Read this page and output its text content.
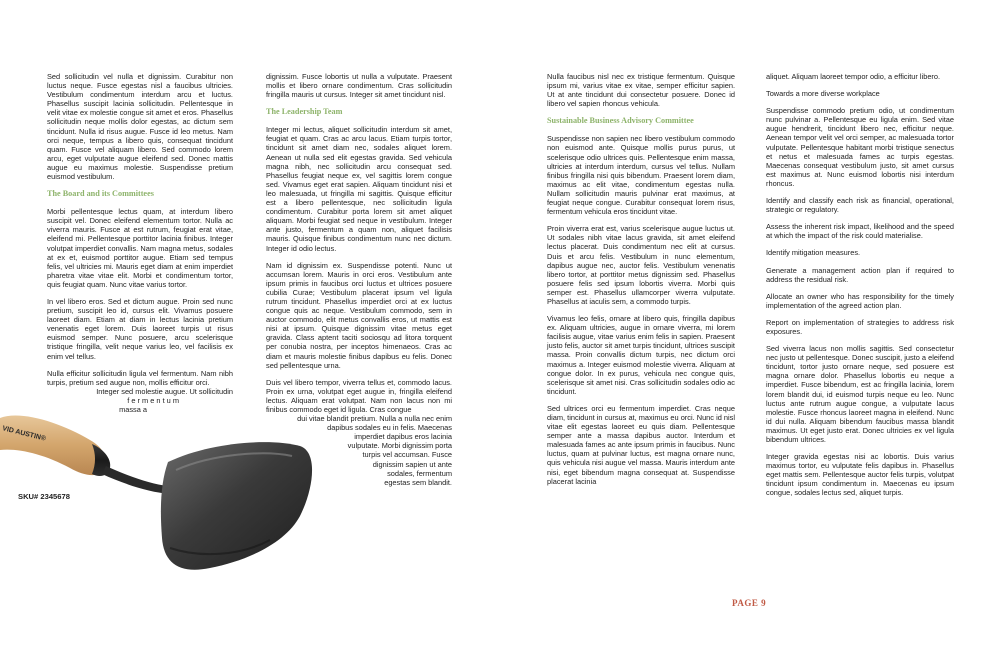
Sed sollicitudin vel nulla et dignissim. Curabitur non luctus neque. Fusce egestas nisl a faucibus ultricies. Vestibulum condimentum interdum arcu et luctus. Phasellus suscipit lacinia sollicitudin. Pellentesque in velit vitae ex molestie congue sit amet et eros. Phasellus sollicitudin neque mollis dolor egestas, ac dictum sem tincidunt. Nulla id risus augue. Fusce id leo metus. Nam orci neque, tempus a libero quis, consequat tincidunt quam. Fusce vel aliquam libero. Sed commodo lorem arcu, eget vulputate augue eleifend sed. Donec mattis augue eu maximus molestie. Suspendisse pretium euismod vestibulum.

The Board and its Committees

Morbi pellentesque lectus quam, at interdum libero suscipit vel. Donec eleifend elementum tortor. Nulla ac viverra mauris. Fusce at est rutrum, feugiat erat vitae, eleifend mi. Pellentesque porttitor lacinia finibus. Integer volutpat imperdiet convallis. Nam magna metus, sodales at ex et, euismod porttitor augue. Etiam sed tempus felis, vel ultricies mi. Mauris eget diam at enim imperdiet pharetra vitae vitae elit. Morbi et condimentum tortor, quis feugiat quam. Nunc vitae varius tortor.

In vel libero eros. Sed et dictum augue. Proin sed nunc pretium, suscipit leo id, cursus elit. Vivamus posuere laoreet diam. Etiam at diam in lectus lacinia pretium venenatis eget lorem. Duis laoreet turpis ut risus euismod semper. Nunc posuere, arcu scelerisque tristique fringilla, velit neque varius leo, vel facilisis ex enim vel tellus.

Nulla efficitur sollicitudin ligula vel fermentum. Nam nibh turpis, pretium sed augue non, mollis efficitur orci.
Integer sed molestie augue. Ut sollicitudin
f e r m e n t u m
massa a

dignissim. Fusce lobortis ut nulla a vulputate. Praesent mollis et libero ornare condimentum. Cras sollicitudin fringilla mauris ut cursus. Integer sit amet tincidunt nisl.

The Leadership Team

Integer mi lectus, aliquet sollicitudin interdum sit amet, feugiat et quam. Cras ac arcu lacus. Etiam turpis tortor, tincidunt sit amet diam nec, sodales aliquet lorem. Aenean ut nulla sed elit egestas gravida. Sed vehicula magna nibh, nec sollicitudin arcu consequat sed. Phasellus feugiat neque ex, vel sagittis lorem congue sed. Vivamus eget erat sapien. Aliquam tincidunt nisi et leo malesuada, ut fringilla mi sagittis. Quisque efficitur est a libero pellentesque, nec sollicitudin ligula condimentum. Curabitur porta lorem sit amet aliquet aliquam. Morbi feugiat sed neque in vestibulum. Integer ante justo, fermentum a quam non, aliquet facilisis mauris. Quisque finibus condimentum nunc nec dictum. Integer id odio lectus.

Nam id dignissim ex. Suspendisse potenti. Nunc ut accumsan lorem. Mauris in orci eros. Vestibulum ante ipsum primis in faucibus orci luctus et ultrices posuere cubilia Curae; Vestibulum placerat ipsum vel ligula rutrum tincidunt. Phasellus imperdiet orci at ex luctus congue quis ac neque. Vestibulum commodo, sem in auctor commodo, elit metus convallis eros, ut mattis est nisi at ipsum. Quisque dignissim vitae metus eget gravida. Class aptent taciti sociosqu ad litora torquent per conubia nostra, per inceptos himenaeos. Cras ac diam et mauris molestie finibus dapibus eu felis. Donec sed pellentesque urna.

Duis vel libero tempor, viverra tellus et, commodo lacus. Proin ex urna, volutpat eget augue in, fringilla eleifend lectus. Aliquam erat volutpat. Nam non lacus non mi finibus commodo eget id ligula. Cras congue
dui vitae blandit pretium. Nulla a nulla nec enim
dapibus sodales eu in felis. Maecenas
imperdiet dapibus eros lacinia
vulputate. Morbi dignissim porta
turpis vel accumsan. Fusce
dignissim sapien ut ante
sodales, fermentum
egestas sem blandit.

Nulla faucibus nisl nec ex tristique fermentum. Quisque ipsum mi, varius vitae ex vitae, semper efficitur sapien. Ut at ante tincidunt dui consectetur posuere. Donec id libero vel sapien rhoncus vehicula.

Sustainable Business Advisory Committee

Suspendisse non sapien nec libero vestibulum commodo non euismod ante. Quisque mollis purus purus, ut scelerisque odio ultrices quis. Pellentesque enim massa, ultricies at interdum interdum, cursus vel tellus. Nullam finibus fringilla nisi quis bibendum. Praesent lorem diam, maximus ac elit vitae, condimentum egestas nulla. Nullam sollicitudin mauris pulvinar erat maximus, at feugiat neque congue. Curabitur consequat lorem risus, fermentum vehicula eros tincidunt vitae.

Proin viverra erat est, varius scelerisque augue luctus ut. Ut sodales nibh vitae lacus gravida, sit amet eleifend lectus placerat. Duis condimentum nec elit at cursus. Duis et arcu felis. Vestibulum in nunc elementum, dapibus augue nec, auctor felis. Vestibulum venenatis libero tortor, at porttitor metus dignissim sed. Phasellus posuere felis sed ipsum lobortis viverra. Morbi quis semper est. Phasellus ullamcorper viverra vulputate. Phasellus at iaculis sem, a commodo turpis.

Vivamus leo felis, ornare at libero quis, fringilla dapibus ex. Aliquam ultricies, augue in ornare viverra, mi lorem facilisis augue, vitae varius enim felis in sapien. Praesent justo felis, auctor sit amet turpis tincidunt, ultrices suscipit massa. Proin convallis dictum turpis, nec dictum orci maximus a. Integer euismod molestie viverra. Aliquam at congue dolor. In ex purus, vehicula nec congue quis, scelerisque sit amet nisi. Cras sollicitudin sodales odio ac tincidunt.

Sed ultrices orci eu fermentum imperdiet. Cras neque diam, tincidunt in cursus at, maximus eu orci. Nunc id nisl vitae elit egestas laoreet eu quis diam. Pellentesque semper ante a massa dapibus auctor. Interdum et malesuada fames ac ante ipsum primis in faucibus. Nunc luctus, quam at pulvinar luctus, est magna ornare nunc, quis vehicula nisi augue vel massa. Mauris interdum ante nisi, eget bibendum magna consequat at. Suspendisse placerat lacinia

aliquet. Aliquam laoreet tempor odio, a efficitur libero.

Towards a more diverse workplace

Suspendisse commodo pretium odio, ut condimentum nunc pulvinar a. Pellentesque eu ligula enim. Sed vitae augue hendrerit, tincidunt libero nec, efficitur neque. Aenean tempor velit vel orci semper, ac malesuada tortor vulputate. Pellentesque habitant morbi tristique senectus et netus et malesuada fames ac turpis egestas. Maecenas consequat vestibulum justo, sit amet cursus est maximus at. Nunc euismod lobortis nisi interdum rhoncus.

Identify and classify each risk as financial, operational, strategic or regulatory.

Assess the inherent risk impact, likelihood and the speed at which the impact of the risk could materialise.

Identify mitigation measures.

Generate a management action plan if required to address the residual risk.

Allocate an owner who has responsibility for the timely implementation of the agreed action plan.

Report on implementation of strategies to address risk exposures.

Sed viverra lacus non mollis sagittis. Sed consectetur nec justo ut pellentesque. Donec suscipit, justo a eleifend tincidunt, tortor justo ornare neque, sed posuere est magna ornare dolor. Phasellus lobortis eu neque a imperdiet. Fusce bibendum, est ac fringilla lacinia, lorem lorem blandit dui, id euismod turpis neque eu leo. Nunc luctus ante rutrum augue congue, a vulputate lacus molestie. Fusce rhoncus laoreet magna in eleifend. Nunc id dui nulla. Aliquam bibendum faucibus massa blandit maximus. Ut eget justo erat. Donec ultricies ex vel ligula bibendum ultrices.

Integer gravida egestas nisi ac lobortis. Duis varius maximus tortor, eu vulputate felis dapibus in. Phasellus eget mattis sem. Pellentesque auctor felis turpis, volutpat tincidunt ipsum condimentum in. Maecenas eu ipsum congue, sodales lectus sed, aliquet turpis.

VID AUSTIN®
SKU# 2345678
PAGE 9
